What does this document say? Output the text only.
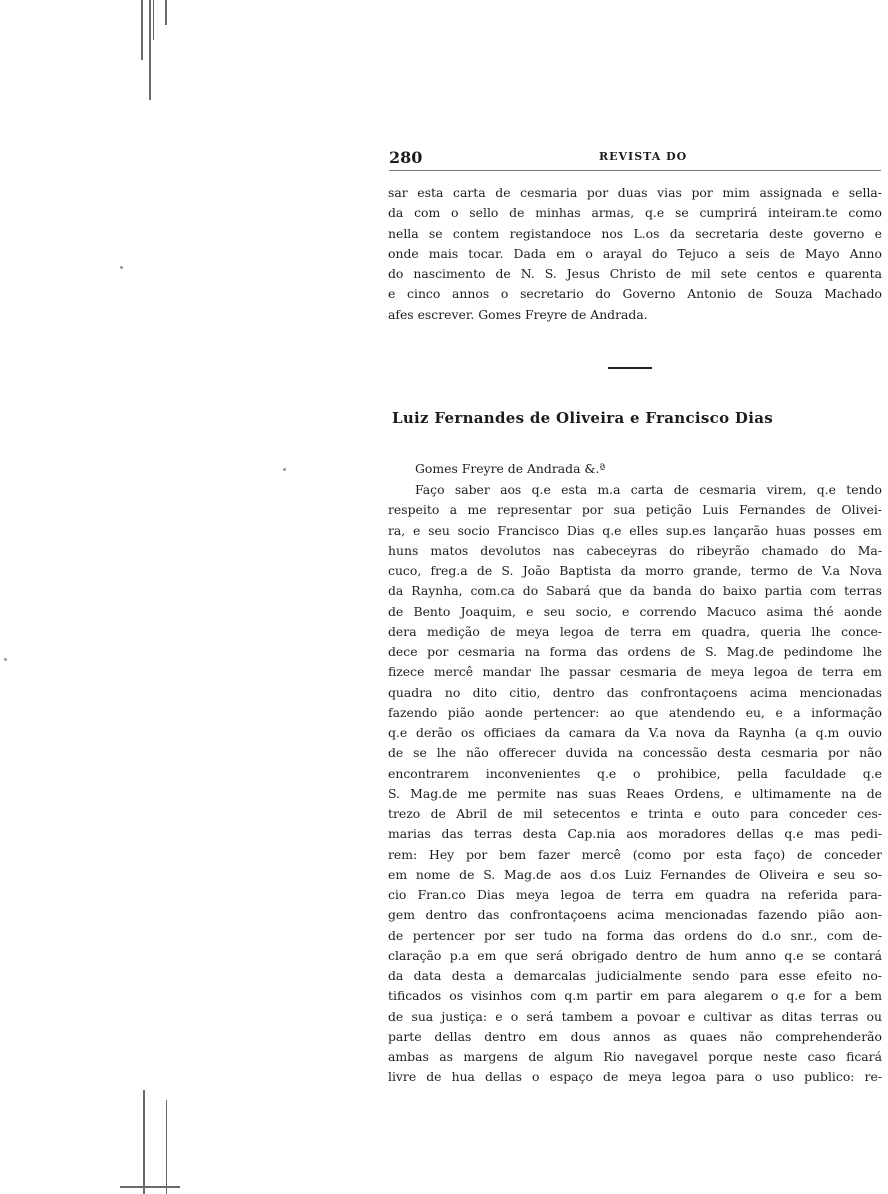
280	REVISTA DO
sar esta carta de cesmaria por duas vias por mim assignada e sella-
da com o sello de minhas armas, q.e se cumprirá inteiram.te como
nella se contem registandoce nos L.os da secretaria deste governo e
onde mais tocar. Dada em o arayal do Tejuco a seis de Mayo Anno
do nascimento de N. S. Jesus Christo de mil sete centos e quarenta
e cinco annos o secretario do Governo Antonio de Souza Machado
afes escrever. Gomes Freyre de Andrada.
Luiz Fernandes de Oliveira e Francisco Dias
Gomes Freyre de Andrada &.ª
Faço saber aos q.e esta m.a carta de cesmaria virem, q.e tendo
respeito a me representar por sua petição Luis Fernandes de Olivei-
ra, e seu socio Francisco Dias q.e elles sup.es lançarão huas posses em
huns matos devolutos nas cabeceyras do ribeyrão chamado do Ma-
cuco, freg.a de S. João Baptista da morro grande, termo de V.a Nova
da Raynha, com.ca do Sabará que da banda do baixo partia com terras
de Bento Joaquim, e seu socio, e correndo Macuco asima thé aonde
dera medição de meya legoa de terra em quadra, queria lhe conce-
dece por cesmaria na forma das ordens de S. Mag.de pedindome lhe
fizece mercê mandar lhe passar cesmaria de meya legoa de terra em
quadra no dito citio, dentro das confrontaçoens acima mencionadas
fazendo pião aonde pertencer: ao que atendendo eu, e a informação
q.e derão os officiaes da camara da V.a nova da Raynha (a q.m ouvio
de se lhe não offerecer duvida na concessão desta cesmaria por não
encontrarem inconvenientes q.e o prohibice, pella faculdade q.e
S. Mag.de me permite nas suas Reaes Ordens, e ultimamente na de
trezo de Abril de mil setecentos e trinta e outo para conceder ces-
marias das terras desta Cap.nia aos moradores dellas q.e mas pedi-
rem: Hey por bem fazer mercê (como por esta faço) de conceder
em nome de S. Mag.de aos d.os Luiz Fernandes de Oliveira e seu so-
cio Fran.co Dias meya legoa de terra em quadra na referida para-
gem dentro das confrontaçoens acima mencionadas fazendo pião aon-
de pertencer por ser tudo na forma das ordens do d.o snr., com de-
claração p.a em que será obrigado dentro de hum anno q.e se contará
da data desta a demarcalas judicialmente sendo para esse efeito no-
tificados os visinhos com q.m partir em para alegarem o q.e for a bem
de sua justiça: e o será tambem a povoar e cultivar as ditas terras ou
parte dellas dentro em dous annos as quaes não comprehenderão
ambas as margens de algum Rio navegavel porque neste caso ficará
livre de hua dellas o espaço de meya legoa para o uso publico: re-
